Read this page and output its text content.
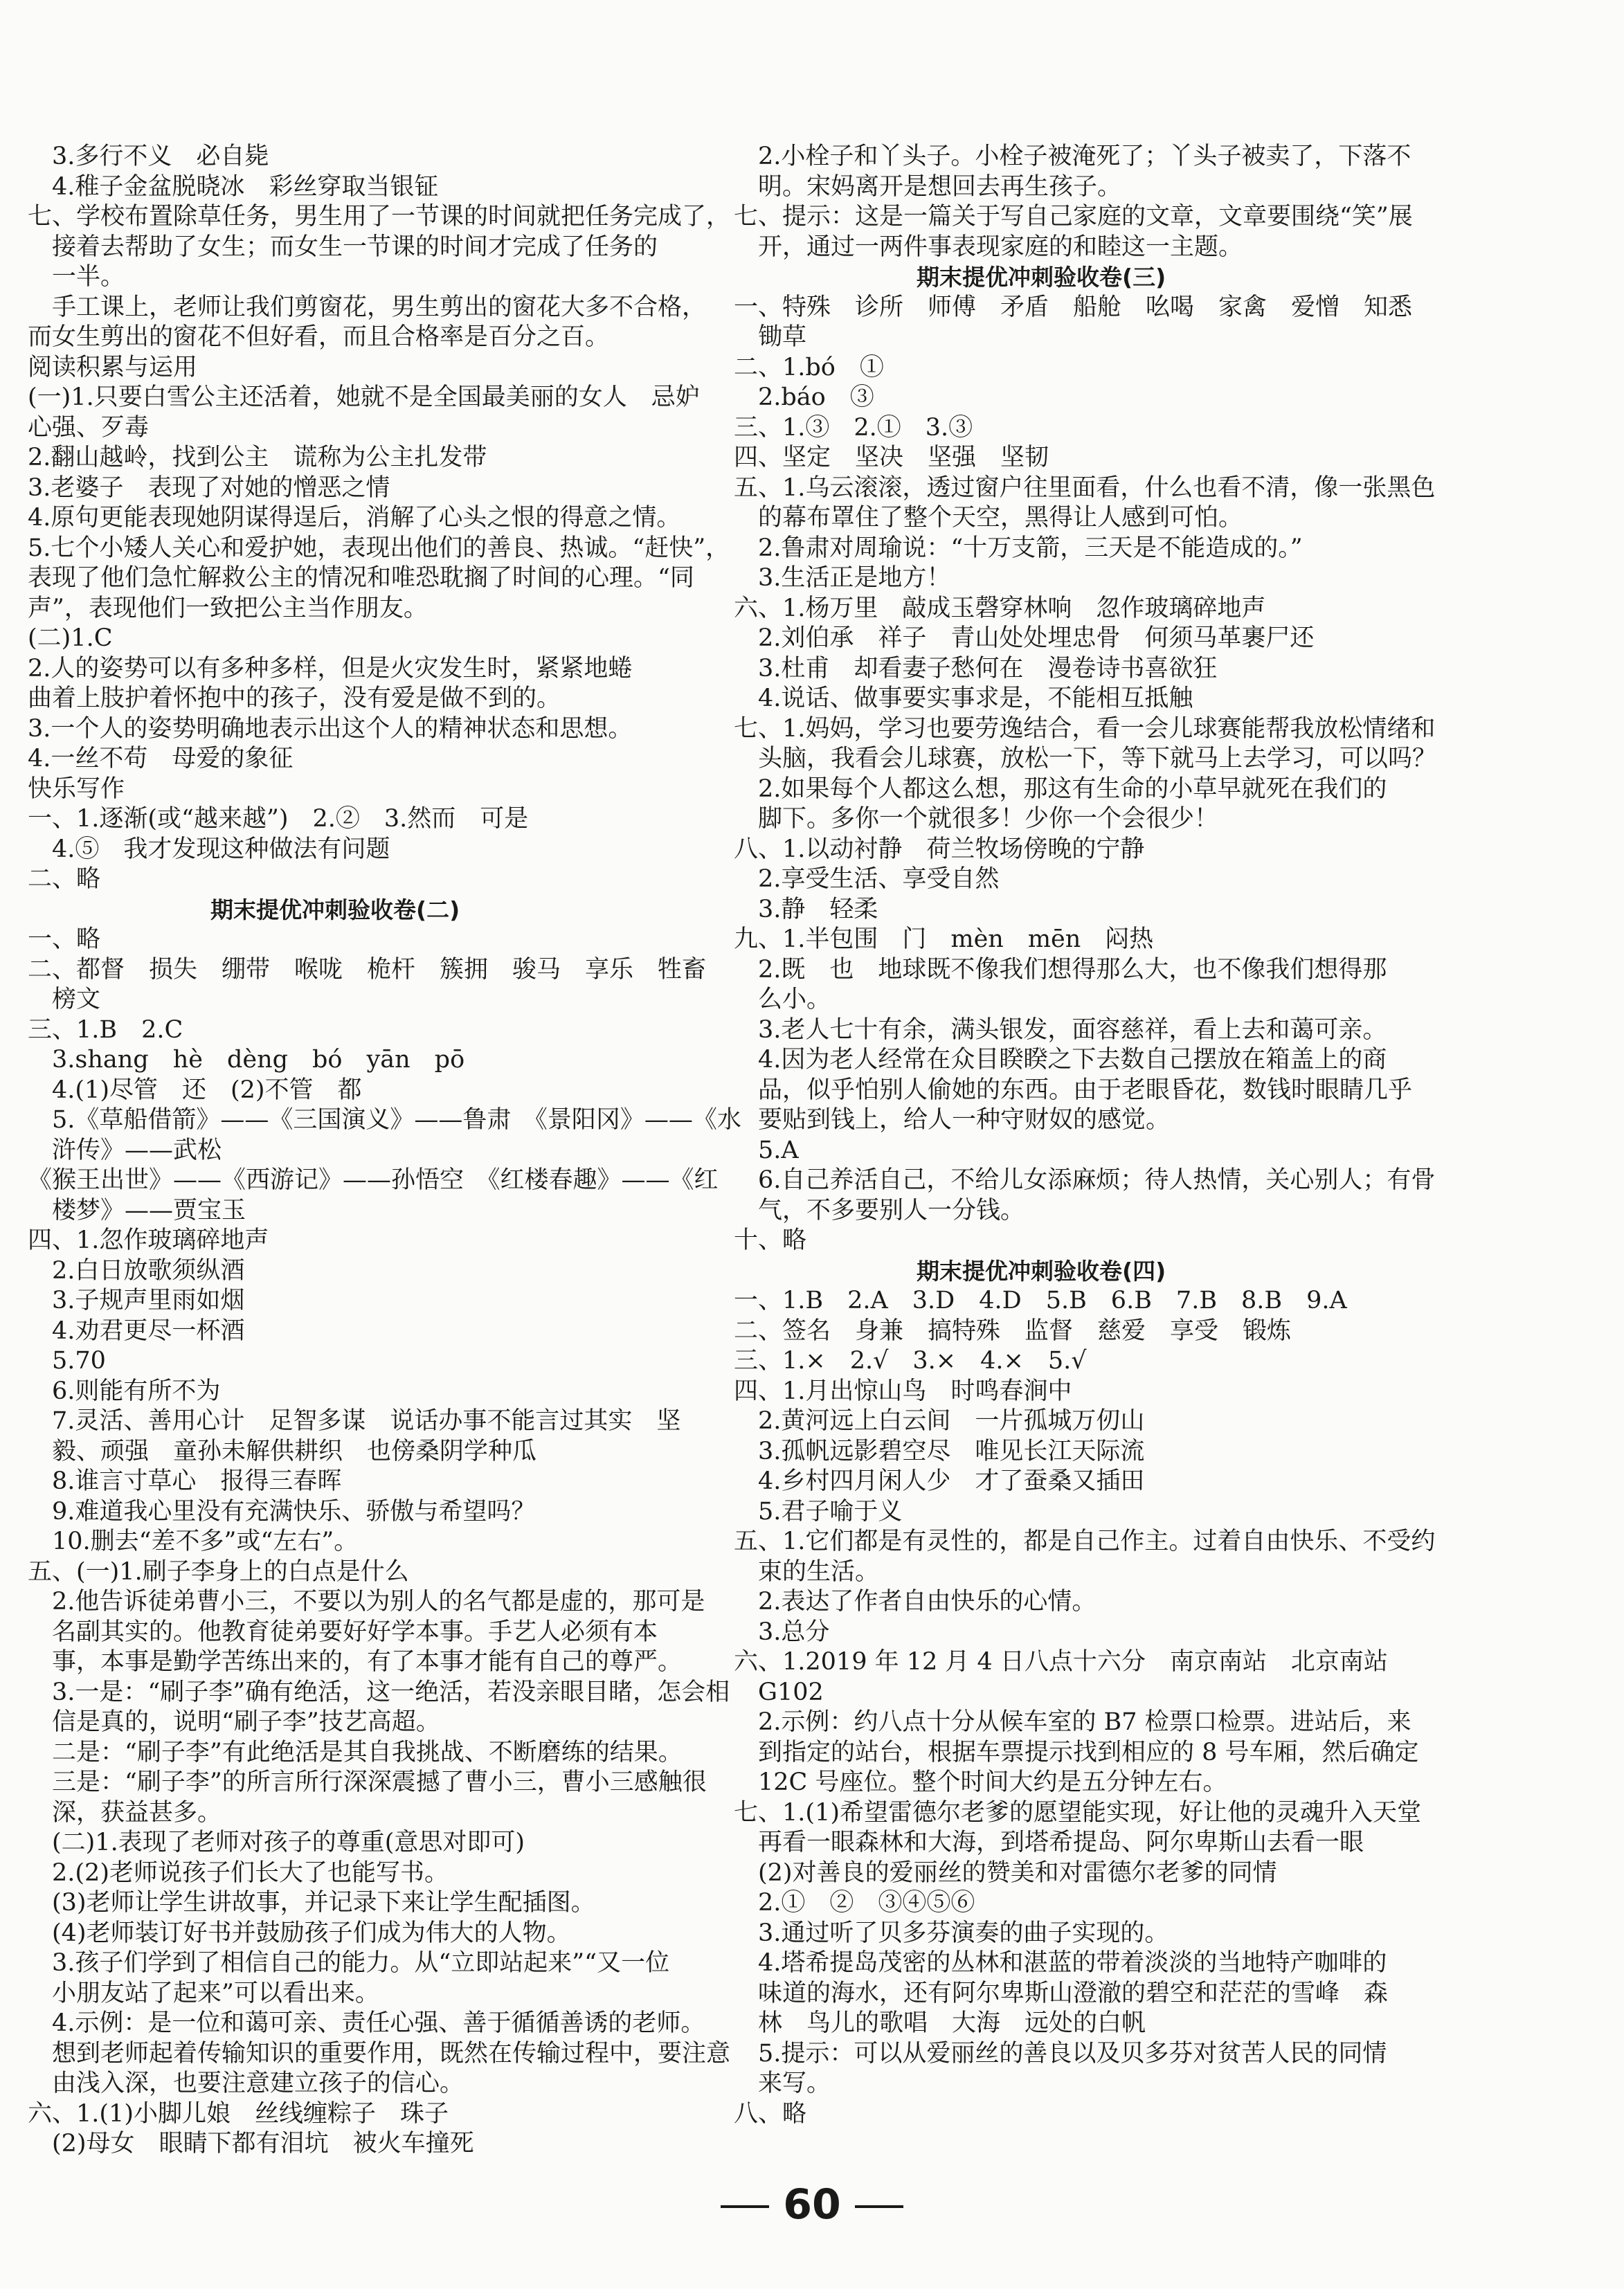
　3.多行不义　必自毙
　4.稚子金盆脱晓冰　彩丝穿取当银钲
七、学校布置除草任务，男生用了一节课的时间就把任务完成了，
　接着去帮助了女生；而女生一节课的时间才完成了任务的
　一半。
　手工课上，老师让我们剪窗花，男生剪出的窗花大多不合格，
而女生剪出的窗花不但好看，而且合格率是百分之百。
阅读积累与运用
(一)1.只要白雪公主还活着，她就不是全国最美丽的女人　忌妒
心强、歹毒
2.翻山越岭，找到公主　谎称为公主扎发带
3.老婆子　表现了对她的憎恶之情
4.原句更能表现她阴谋得逞后，消解了心头之恨的得意之情。
5.七个小矮人关心和爱护她，表现出他们的善良、热诚。“赶快”，
表现了他们急忙解救公主的情况和唯恐耽搁了时间的心理。“同
声”，表现他们一致把公主当作朋友。
(二)1.C
2.人的姿势可以有多种多样，但是火灾发生时，紧紧地蜷
曲着上肢护着怀抱中的孩子，没有爱是做不到的。
3.一个人的姿势明确地表示出这个人的精神状态和思想。
4.一丝不苟　母爱的象征
快乐写作
一、1.逐渐(或“越来越”)　2.②　3.然而　可是
　4.⑤　我才发现这种做法有问题
二、略
　　　　　　　　期末提优冲刺验收卷(二)
一、略
二、都督　损失　绷带　喉咙　桅杆　簇拥　骏马　享乐　牲畜
　榜文
三、1.B　2.C
　3.shang　hè　dèng　bó　yān　pō
　4.(1)尽管　还　(2)不管　都
　5.《草船借箭》——《三国演义》——鲁肃　《景阳冈》——《水
　浒传》——武松
《猴王出世》——《西游记》——孙悟空　《红楼春趣》——《红
　楼梦》——贾宝玉
四、1.忽作玻璃碎地声
　2.白日放歌须纵酒
　3.子规声里雨如烟
　4.劝君更尽一杯酒
　5.70
　6.则能有所不为
　7.灵活、善用心计　足智多谋　说话办事不能言过其实　坚
　毅、顽强　童孙未解供耕织　也傍桑阴学种瓜
　8.谁言寸草心　报得三春晖
　9.难道我心里没有充满快乐、骄傲与希望吗？
　10.删去“差不多”或“左右”。
五、(一)1.刷子李身上的白点是什么
　2.他告诉徒弟曹小三，不要以为别人的名气都是虚的，那可是
　名副其实的。他教育徒弟要好好学本事。手艺人必须有本
　事，本事是勤学苦练出来的，有了本事才能有自己的尊严。
　3.一是：“刷子李”确有绝活，这一绝活，若没亲眼目睹，怎会相
　信是真的，说明“刷子李”技艺高超。
　二是：“刷子李”有此绝活是其自我挑战、不断磨练的结果。
　三是：“刷子李”的所言所行深深震撼了曹小三，曹小三感触很
　深，获益甚多。
　(二)1.表现了老师对孩子的尊重(意思对即可)
　2.(2)老师说孩子们长大了也能写书。
　(3)老师让学生讲故事，并记录下来让学生配插图。
　(4)老师装订好书并鼓励孩子们成为伟大的人物。
　3.孩子们学到了相信自己的能力。从“立即站起来”“又一位
　小朋友站了起来”可以看出来。
　4.示例：是一位和蔼可亲、责任心强、善于循循善诱的老师。
　想到老师起着传输知识的重要作用，既然在传输过程中，要注意
　由浅入深，也要注意建立孩子的信心。
六、1.(1)小脚儿娘　丝线缠粽子　珠子
　(2)母女　眼睛下都有泪坑　被火车撞死
　2.小栓子和丫头子。小栓子被淹死了；丫头子被卖了，下落不
　明。宋妈离开是想回去再生孩子。
七、提示：这是一篇关于写自己家庭的文章，文章要围绕“笑”展
　开，通过一两件事表现家庭的和睦这一主题。
　　　　　　　　期末提优冲刺验收卷(三)
一、特殊　诊所　师傅　矛盾　船舱　吆喝　家禽　爱憎　知悉
　锄草
二、1.bó　①
　2.báo　③
三、1.③　2.①　3.③
四、坚定　坚决　坚强　坚韧
五、1.乌云滚滚，透过窗户往里面看，什么也看不清，像一张黑色
　的幕布罩住了整个天空，黑得让人感到可怕。
　2.鲁肃对周瑜说：“十万支箭，三天是不能造成的。”
　3.生活正是地方！
六、1.杨万里　敲成玉磬穿林响　忽作玻璃碎地声
　2.刘伯承　祥子　青山处处埋忠骨　何须马革裹尸还
　3.杜甫　却看妻子愁何在　漫卷诗书喜欲狂
　4.说话、做事要实事求是，不能相互抵触
七、1.妈妈，学习也要劳逸结合，看一会儿球赛能帮我放松情绪和
　头脑，我看会儿球赛，放松一下，等下就马上去学习，可以吗？
　2.如果每个人都这么想，那这有生命的小草早就死在我们的
　脚下。多你一个就很多！少你一个会很少！
八、1.以动衬静　荷兰牧场傍晚的宁静
　2.享受生活、享受自然
　3.静　轻柔
九、1.半包围　门　mèn　mēn　闷热
　2.既　也　地球既不像我们想得那么大，也不像我们想得那
　么小。
　3.老人七十有余，满头银发，面容慈祥，看上去和蔼可亲。
　4.因为老人经常在众目睽睽之下去数自己摆放在箱盖上的商
　品，似乎怕别人偷她的东西。由于老眼昏花，数钱时眼睛几乎
　要贴到钱上，给人一种守财奴的感觉。
　5.A
　6.自己养活自己，不给儿女添麻烦；待人热情，关心别人；有骨
　气，不多要别人一分钱。
十、略
　　　　　　　　期末提优冲刺验收卷(四)
一、1.B　2.A　3.D　4.D　5.B　6.B　7.B　8.B　9.A
二、签名　身兼　搞特殊　监督　慈爱　享受　锻炼
三、1.×　2.√　3.×　4.×　5.√
四、1.月出惊山鸟　时鸣春涧中
　2.黄河远上白云间　一片孤城万仞山
　3.孤帆远影碧空尽　唯见长江天际流
　4.乡村四月闲人少　才了蚕桑又插田
　5.君子喻于义
五、1.它们都是有灵性的，都是自己作主。过着自由快乐、不受约
　束的生活。
　2.表达了作者自由快乐的心情。
　3.总分
六、1.2019 年 12 月 4 日八点十六分　南京南站　北京南站
　G102
　2.示例：约八点十分从候车室的 B7 检票口检票。进站后，来
　到指定的站台，根据车票提示找到相应的 8 号车厢，然后确定
　12C 号座位。整个时间大约是五分钟左右。
七、1.(1)希望雷德尔老爹的愿望能实现，好让他的灵魂升入天堂
　再看一眼森林和大海，到塔希提岛、阿尔卑斯山去看一眼
　(2)对善良的爱丽丝的赞美和对雷德尔老爹的同情
　2.①　②　③④⑤⑥
　3.通过听了贝多芬演奏的曲子实现的。
　4.塔希提岛茂密的丛林和湛蓝的带着淡淡的当地特产咖啡的
　味道的海水，还有阿尔卑斯山澄澈的碧空和茫茫的雪峰　森
　林　鸟儿的歌唱　大海　远处的白帆
　5.提示：可以从爱丽丝的善良以及贝多芬对贫苦人民的同情
　来写。
八、略
60
